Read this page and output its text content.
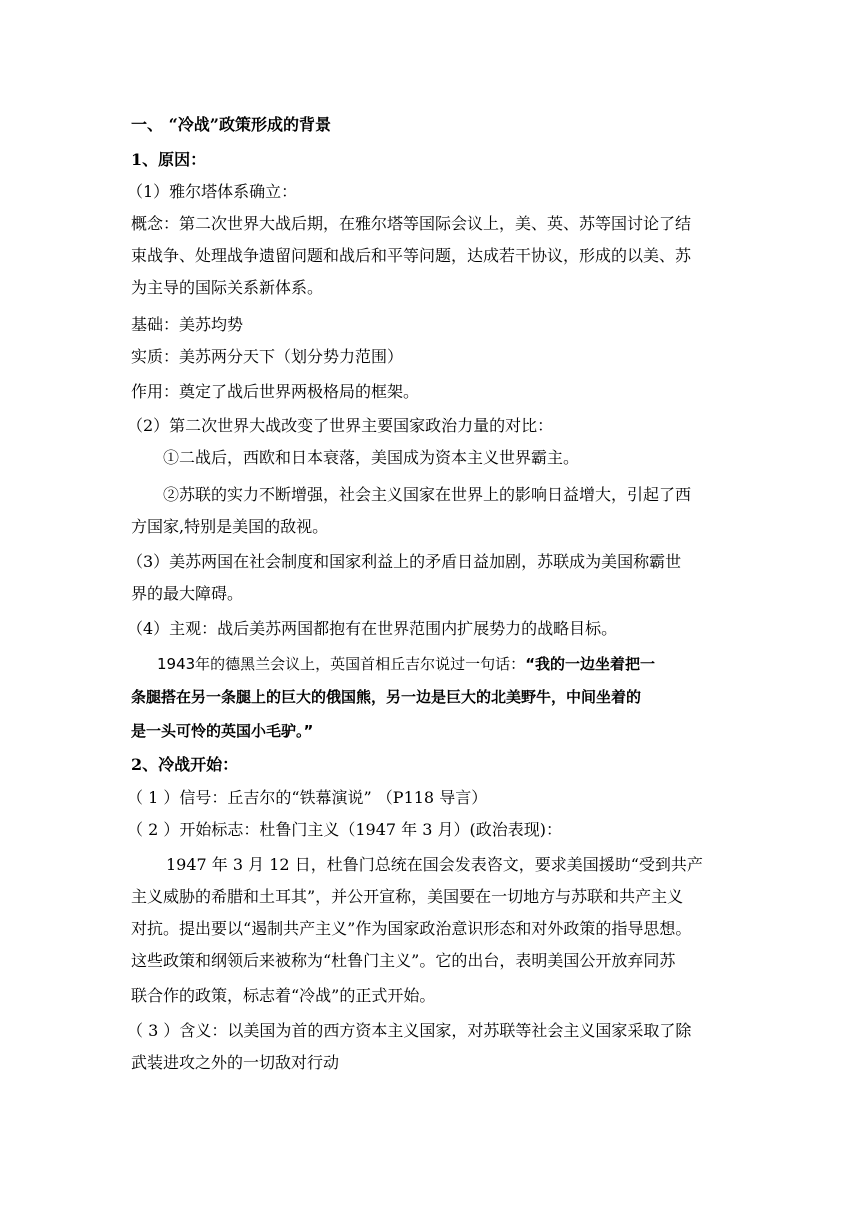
一、 “冷战”政策形成的背景
1、原因：
（1）雅尔塔体系确立：
概念：第二次世界大战后期，在雅尔塔等国际会议上，美、英、苏等国讨论了结
束战争、处理战争遗留问题和战后和平等问题，达成若干协议，形成的以美、苏
为主导的国际关系新体系。
基础：美苏均势
实质：美苏两分天下（划分势力范围）
作用：奠定了战后世界两极格局的框架。
（2）第二次世界大战改变了世界主要国家政治力量的对比：
①二战后，西欧和日本衰落，美国成为资本主义世界霸主。
②苏联的实力不断增强，社会主义国家在世界上的影响日益增大，引起了西
方国家,特别是美国的敌视。
（3）美苏两国在社会制度和国家利益上的矛盾日益加剧，苏联成为美国称霸世
界的最大障碍。
（4）主观：战后美苏两国都抱有在世界范围内扩展势力的战略目标。
1943年的德黑兰会议上，英国首相丘吉尔说过一句话：“我的一边坐着把一
条腿搭在另一条腿上的巨大的俄国熊，另一边是巨大的北美野牛，中间坐着的
是一头可怜的英国小毛驴。”
2、冷战开始：
（ 1 ）信号：丘吉尔的“铁幕演说” （P118 导言）
（ 2 ）开始标志：杜鲁门主义（1947 年 3 月）(政治表现)：
1947 年 3 月 12 日，杜鲁门总统在国会发表咨文，要求美国援助“受到共产
主义威胁的希腊和土耳其”，并公开宣称，美国要在一切地方与苏联和共产主义
对抗。提出要以“遏制共产主义”作为国家政治意识形态和对外政策的指导思想。
这些政策和纲领后来被称为“杜鲁门主义”。它的出台，表明美国公开放弃同苏
联合作的政策，标志着“冷战”的正式开始。
（ 3 ）含义：以美国为首的西方资本主义国家，对苏联等社会主义国家采取了除
武装进攻之外的一切敌对行动
